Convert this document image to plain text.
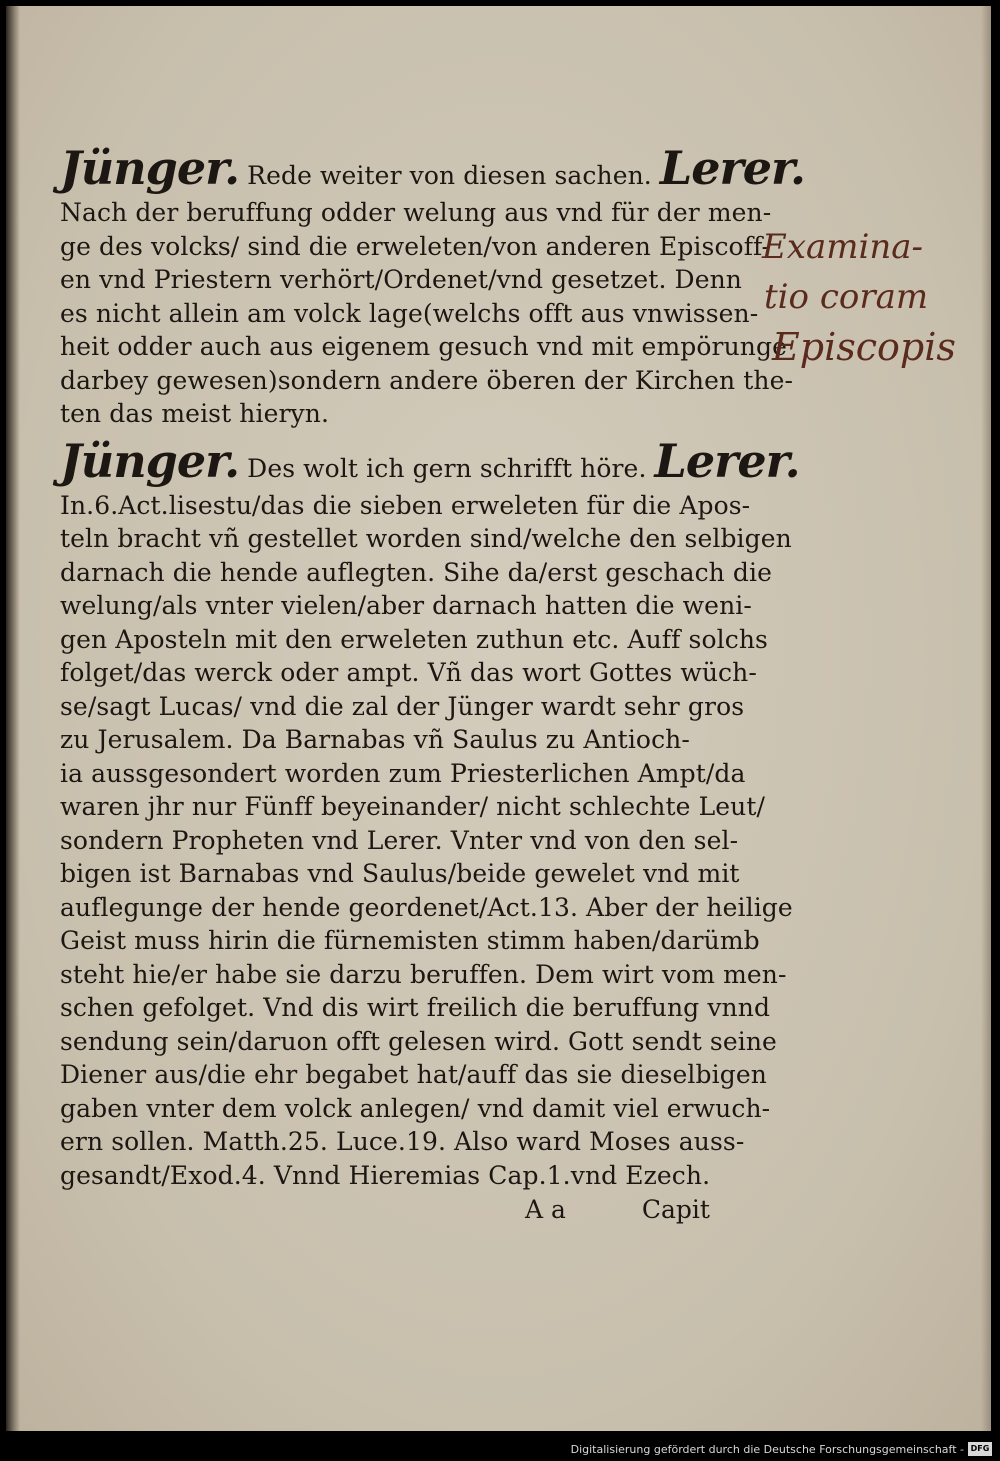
Jünger. Rede weiter von diesen sachen. Lerer.
Nach der beruffung odder welung aus vnd für der men-
ge des volcks/ sind die erweleten/von anderen Episcoff-
en vnd Priestern verhört/Ordenet/vnd gesetzet. Denn
es nicht allein am volck lage(welchs offt aus vnwissen-
heit odder auch aus eigenem gesuch vnd mit empörunge
darbey gewesen)sondern andere öberen der Kirchen the-
ten das meist hieryn.
Jünger. Des wolt ich gern schrifft höre. Lerer.
In.6.Act.lisestu/das die sieben erweleten für die Apos-
teln bracht vñ gestellet worden sind/welche den selbigen
darnach die hende auflegten. Sihe da/erst geschach die
welung/als vnter vielen/aber darnach hatten die weni-
gen Aposteln mit den erweleten zuthun etc. Auff solchs
folget/das werck oder ampt. Vñ das wort Gottes wüch-
se/sagt Lucas/ vnd die zal der Jünger wardt sehr gros
zu Jerusalem. Da Barnabas vñ Saulus zu Antioch-
ia aussgesondert worden zum Priesterlichen Ampt/da
waren jhr nur Fünff beyeinander/ nicht schlechte Leut/
sondern Propheten vnd Lerer. Vnter vnd von den sel-
bigen ist Barnabas vnd Saulus/beide gewelet vnd mit
auflegunge der hende geordenet/Act.13. Aber der heilige
Geist muss hirin die fürnemisten stimm haben/darümb
steht hie/er habe sie darzu beruffen. Dem wirt vom men-
schen gefolget. Vnd dis wirt freilich die beruffung vnnd
sendung sein/daruon offt gelesen wird. Gott sendt seine
Diener aus/die ehr begabet hat/auff das sie dieselbigen
gaben vnter dem volck anlegen/ vnd damit viel erwuch-
ern sollen. Matth.25. Luce.19. Also ward Moses auss-
gesandt/Exod.4. Vnnd Hieremias Cap.1.vnd Ezech.
A a	Capit
Examina-
tio coram
Episcopis
Digitalisierung gefördert durch die Deutsche Forschungsgemeinschaft - DFG
